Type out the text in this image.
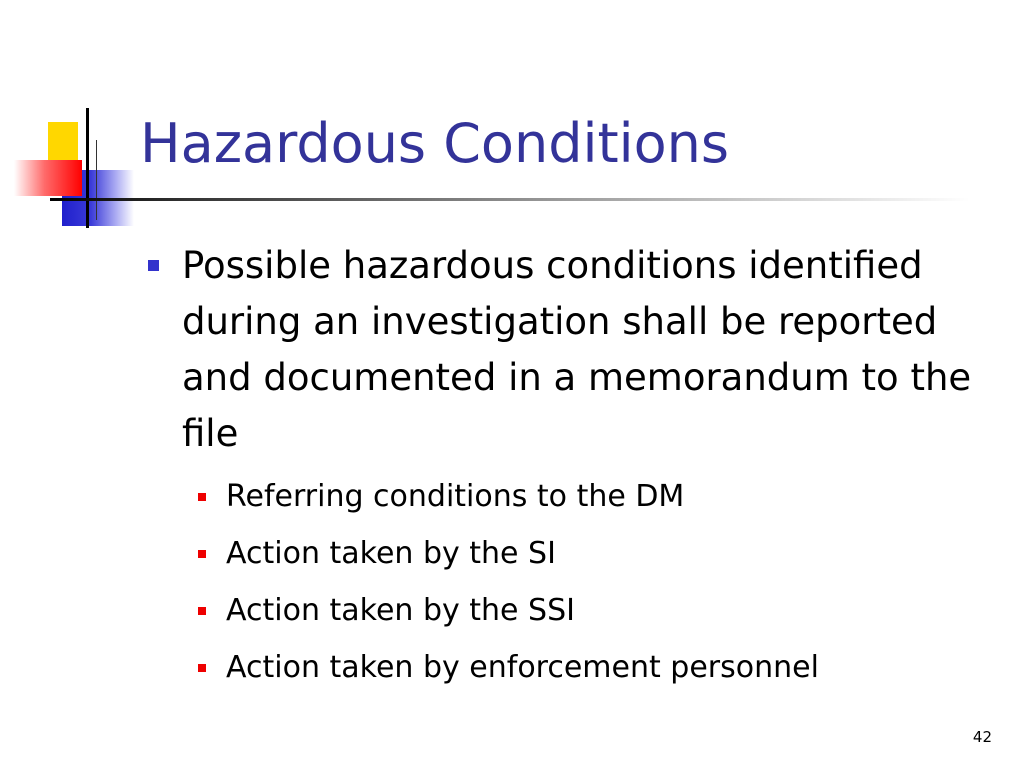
Hazardous Conditions
Possible hazardous conditions identified during an investigation shall be reported and documented in a memorandum to the file
Referring conditions to the DM
Action taken by the SI
Action taken by the SSI
Action taken by enforcement personnel
42
